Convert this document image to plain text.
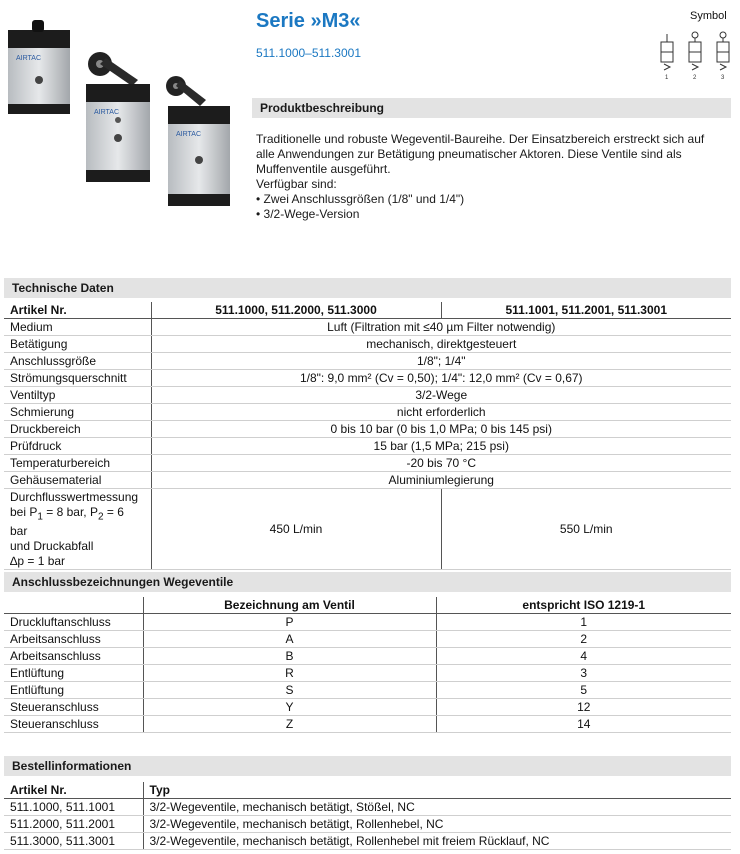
AIRTAC
AIRTAC
AIRTAC
Serie »M3«
511.1000–511.3001
Symbol
1	2	3
Produktbeschreibung

Traditionelle und robuste Wegeventil-Baureihe. Der Einsatzbereich erstreckt sich auf alle Anwendungen zur Betätigung pneumatischer Aktoren. Diese Ventile sind als Muffenventile ausgeführt.

Verfügbar sind:

• Zwei Anschlussgrößen (1/8" und 1/4")
• 3/2-Wege-Version
Technische Daten
Artikel Nr.	511.1000, 511.2000, 511.3000	511.1001, 511.2001, 511.3001
Medium	Luft (Filtration mit ≤40 µm Filter notwendig)	
Betätigung	mechanisch, direktgesteuert	
Anschlussgröße	1/8"; 1/4"	
Strömungsquerschnitt	1/8": 9,0 mm² (Cv = 0,50); 1/4": 12,0 mm² (Cv = 0,67)	
Ventiltyp	3/2-Wege	
Schmierung	nicht erforderlich	
Druckbereich	0 bis 10 bar (0 bis 1,0 MPa; 0 bis 145 psi)	
Prüfdruck	15 bar (1,5 MPa; 215 psi)	
Temperaturbereich	-20 bis 70 °C	
Gehäusematerial	Aluminiumlegierung	

Durchflusswertmessung
bei $P_1 = 8$ bar, $P_2 = 6$ bar
und Druckabfall
∆p = 1 bar	450 L/min	550 L/min
Anschlussbezeichnungen Wegeventile
	Bezeichnung am Ventil	entspricht ISO 1219-1
Druckluftanschluss	P	1
Arbeitsanschluss	A	2
Arbeitsanschluss	B	4
Entlüftung	R	3
Entlüftung	S	5
Steueranschluss	Y	12
Steueranschluss	Z	14
Bestellinformationen
Artikel Nr.	Typ
511.1000, 511.1001	3/2-Wegeventile, mechanisch betätigt, Stößel, NC
511.2000, 511.2001	3/2-Wegeventile, mechanisch betätigt, Rollenhebel, NC
511.3000, 511.3001	3/2-Wegeventile, mechanisch betätigt, Rollenhebel mit freiem Rücklauf, NC
